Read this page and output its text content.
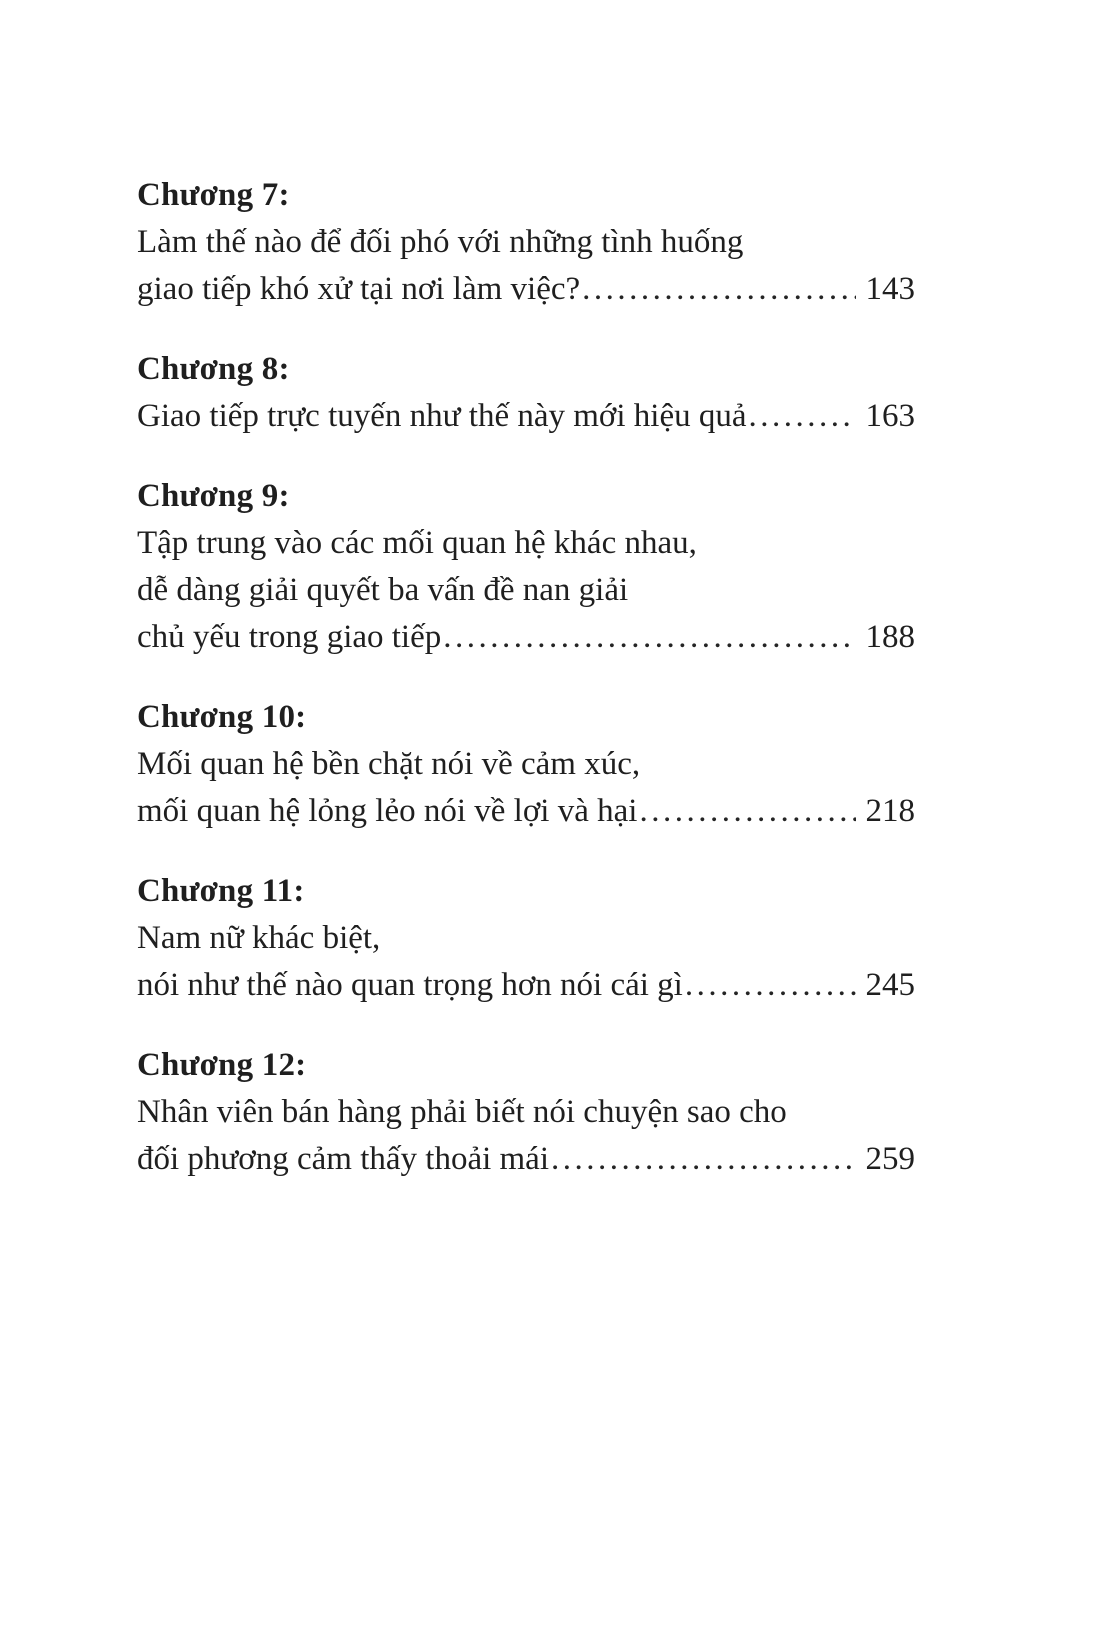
Chương 7:
Làm thế nào để đối phó với những tình huống
giao tiếp khó xử tại nơi làm việc? .....	143
Chương 8:
Giao tiếp trực tuyến như thế này mới hiệu quả .....	163
Chương 9:
Tập trung vào các mối quan hệ khác nhau,
dễ dàng giải quyết ba vấn đề nan giải
chủ yếu trong giao tiếp .....	188
Chương 10:
Mối quan hệ bền chặt nói về cảm xúc,
mối quan hệ lỏng lẻo nói về lợi và hại .....	218
Chương 11:
Nam nữ khác biệt,
nói như thế nào quan trọng hơn nói cái gì .....	245
Chương 12:
Nhân viên bán hàng phải biết nói chuyện sao cho
đối phương cảm thấy thoải mái .....	259
